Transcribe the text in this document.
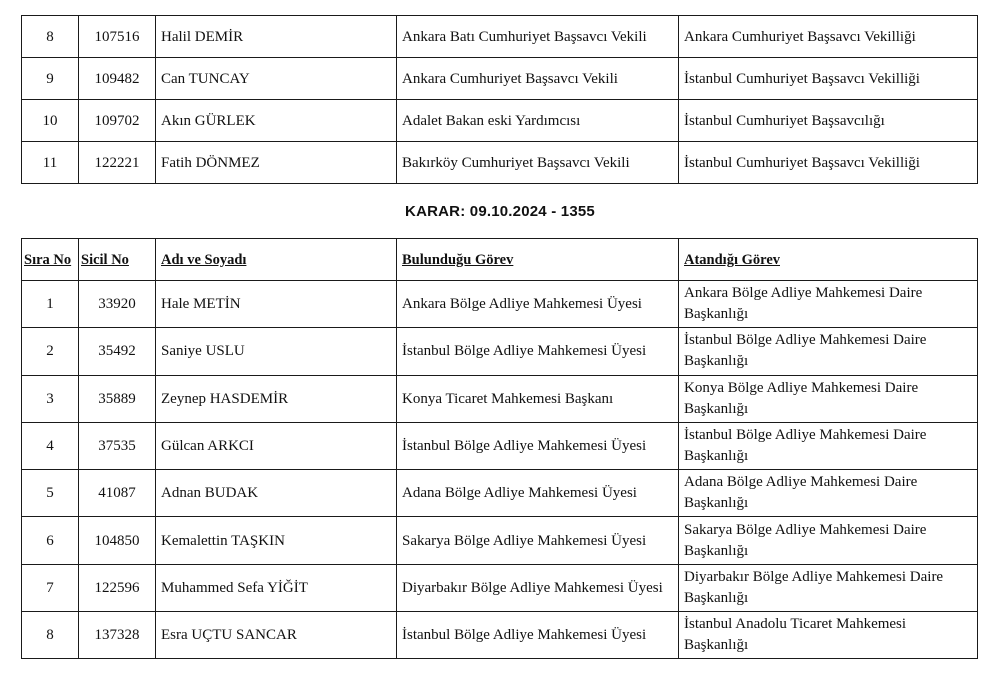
8	107516	Halil DEMİR	Ankara Batı Cumhuriyet Başsavcı Vekili	Ankara Cumhuriyet Başsavcı Vekilliği
9	109482	Can TUNCAY	Ankara Cumhuriyet Başsavcı Vekili	İstanbul Cumhuriyet Başsavcı Vekilliği
10	109702	Akın GÜRLEK	Adalet Bakan eski Yardımcısı	İstanbul Cumhuriyet Başsavcılığı
11	122221	Fatih DÖNMEZ	Bakırköy Cumhuriyet Başsavcı Vekili	İstanbul Cumhuriyet Başsavcı Vekilliği
KARAR: 09.10.2024 - 1355
Sıra No	Sicil No	Adı ve Soyadı	Bulunduğu Görev	Atandığı Görev
1	33920	Hale METİN	Ankara Bölge Adliye Mahkemesi Üyesi	Ankara Bölge Adliye Mahkemesi Daire
Başkanlığı

2	35492	Saniye USLU	İstanbul Bölge Adliye Mahkemesi Üyesi	İstanbul Bölge Adliye Mahkemesi Daire
Başkanlığı

3	35889	Zeynep HASDEMİR	Konya Ticaret Mahkemesi Başkanı	Konya Bölge Adliye Mahkemesi Daire
Başkanlığı

4	37535	Gülcan ARKCI	İstanbul Bölge Adliye Mahkemesi Üyesi	İstanbul Bölge Adliye Mahkemesi Daire
Başkanlığı

5	41087	Adnan BUDAK	Adana Bölge Adliye Mahkemesi Üyesi	Adana Bölge Adliye Mahkemesi Daire
Başkanlığı

6	104850	Kemalettin TAŞKIN	Sakarya Bölge Adliye Mahkemesi Üyesi	Sakarya Bölge Adliye Mahkemesi Daire
Başkanlığı

7	122596	Muhammed Sefa YİĞİT	Diyarbakır Bölge Adliye Mahkemesi Üyesi	Diyarbakır Bölge Adliye Mahkemesi Daire
Başkanlığı

8	137328	Esra UÇTU SANCAR	İstanbul Bölge Adliye Mahkemesi Üyesi	İstanbul Anadolu Ticaret Mahkemesi
Başkanlığı
